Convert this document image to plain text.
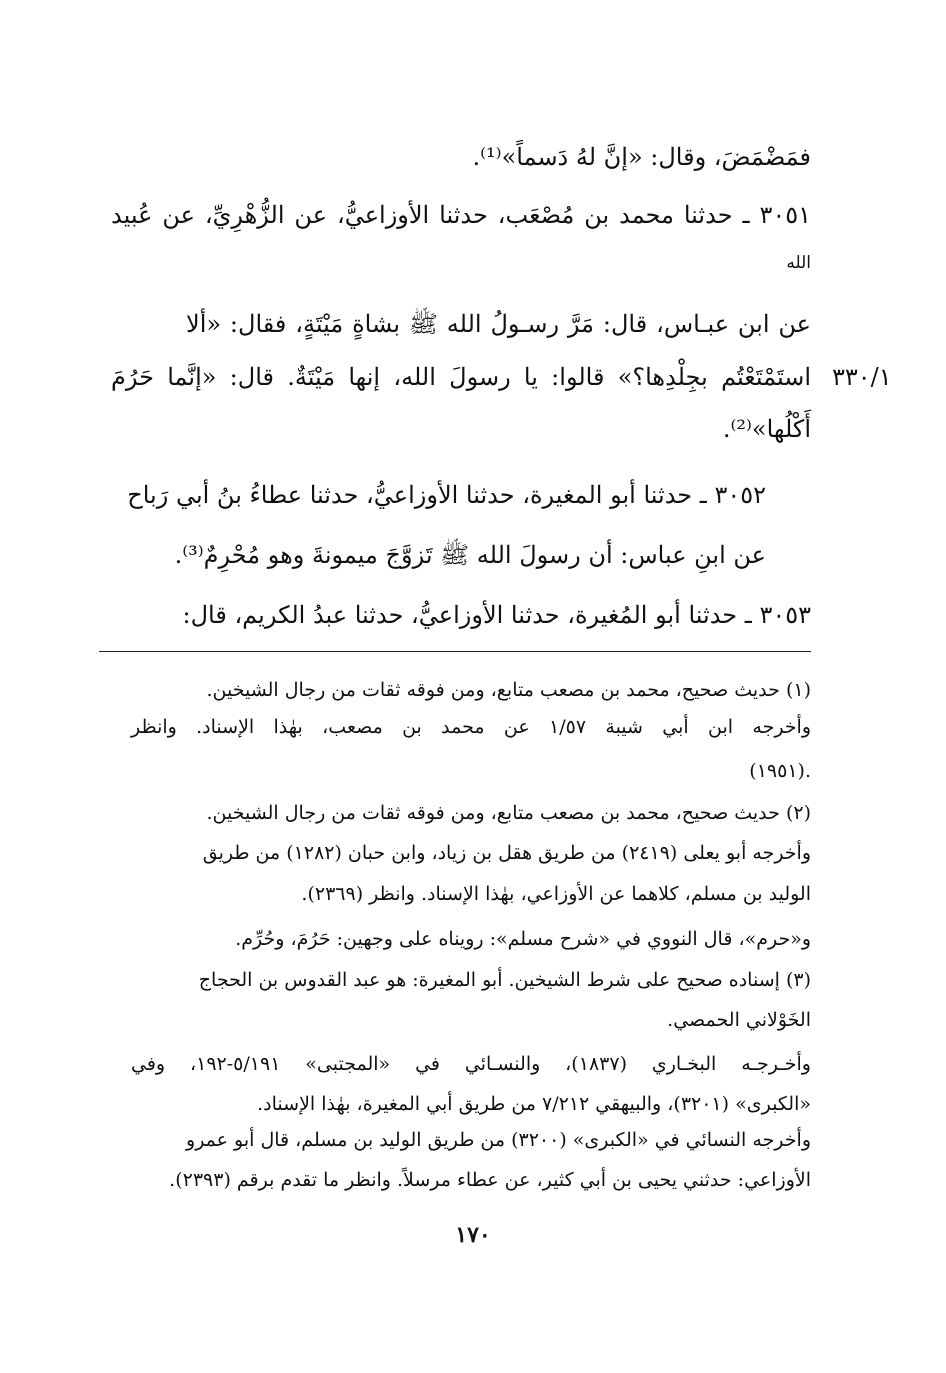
فمَضْمَضَ، وقال: «إنَّ لهُ دَسماً»⁽¹⁾.
٣٠٥١ ـ حدثنا محمد بن مُصْعَب، حدثنا الأوزاعيُّ، عن الزُّهْرِيِّ، عن عُبيد
الله
عن ابن عبـاس، قال: مَرَّ رسـولُ الله ﷺ بشاةٍ مَيْتَةٍ، فقال: «ألا
استَمْتَعْتُم بجِلْدِها؟» قالوا: يا رسولَ الله، إنها مَيْتَةٌ. قال: «إنَّما حَرُمَ ٣٣٠/١
أَكْلُها»⁽²⁾.
٣٠٥٢ ـ حدثنا أبو المغيرة، حدثنا الأوزاعيُّ، حدثنا عطاءُ بنُ أبي رَباح
عن ابنِ عباس: أن رسولَ الله ﷺ تَزوَّجَ ميمونةَ وهو مُحْرِمٌ⁽³⁾.
٣٠٥٣ ـ حدثنا أبو المُغيرة، حدثنا الأوزاعيُّ، حدثنا عبدُ الكريم، قال:
(١) حديث صحيح، محمد بن مصعب متابع، ومن فوقه ثقات من رجال الشيخين.
وأخرجه ابن أبي شيبة ١/٥٧ عن محمد بن مصعب، بهٰذا الإسناد. وانظر
(١٩٥١).
(٢) حديث صحيح، محمد بن مصعب متابع، ومن فوقه ثقات من رجال الشيخين.
وأخرجه أبو يعلى (٢٤١٩) من طريق هقل بن زياد، وابن حبان (١٢٨٢) من طريق
الوليد بن مسلم، كلاهما عن الأوزاعي، بهٰذا الإسناد. وانظر (٢٣٦٩).
و«حرم»، قال النووي في «شرح مسلم»: رويناه على وجهين: حَرُمَ، وحُرِّم.
(٣) إسناده صحيح على شرط الشيخين. أبو المغيرة: هو عبد القدوس بن الحجاج
الخَوْلاني الحمصي.
وأخـرجـه البخـاري (١٨٣٧)، والنسـائي في «المجتبى» ٥/١٩١-١٩٢، وفي
«الكبرى» (٣٢٠١)، والبيهقي ٧/٢١٢ من طريق أبي المغيرة، بهٰذا الإسناد.
وأخرجه النسائي في «الكبرى» (٣٢٠٠) من طريق الوليد بن مسلم، قال أبو عمرو
الأوزاعي: حدثني يحيى بن أبي كثير، عن عطاء مرسلاً. وانظر ما تقدم برقم (٢٣٩٣).
١٧٠
